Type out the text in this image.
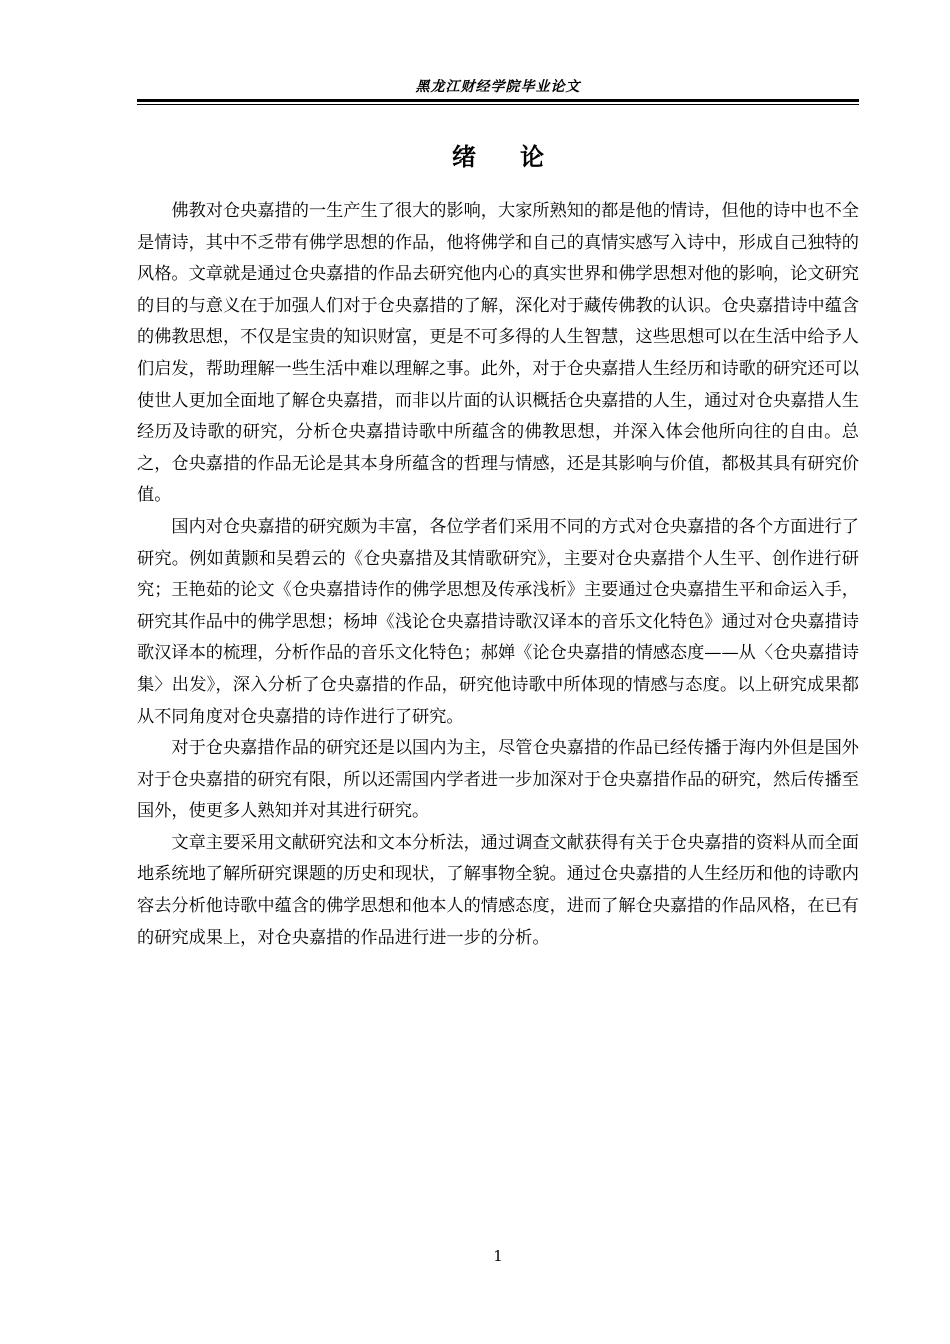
黑龙江财经学院毕业论文
绪论

佛教对仓央嘉措的一生产生了很大的影响，大家所熟知的都是他的情诗，但他的诗中也不全是情诗，其中不乏带有佛学思想的作品，他将佛学和自己的真情实感写入诗中，形成自己独特的风格。文章就是通过仓央嘉措的作品去研究他内心的真实世界和佛学思想对他的影响，论文研究的目的与意义在于加强人们对于仓央嘉措的了解，深化对于藏传佛教的认识。仓央嘉措诗中蕴含的佛教思想，不仅是宝贵的知识财富，更是不可多得的人生智慧，这些思想可以在生活中给予人们启发，帮助理解一些生活中难以理解之事。此外，对于仓央嘉措人生经历和诗歌的研究还可以使世人更加全面地了解仓央嘉措，而非以片面的认识概括仓央嘉措的人生，通过对仓央嘉措人生经历及诗歌的研究，分析仓央嘉措诗歌中所蕴含的佛教思想，并深入体会他所向往的自由。总之，仓央嘉措的作品无论是其本身所蕴含的哲理与情感，还是其影响与价值，都极其具有研究价值。

国内对仓央嘉措的研究颇为丰富，各位学者们采用不同的方式对仓央嘉措的各个方面进行了研究。例如黄颢和吴碧云的《仓央嘉措及其情歌研究》，主要对仓央嘉措个人生平、创作进行研究；王艳茹的论文《仓央嘉措诗作的佛学思想及传承浅析》主要通过仓央嘉措生平和命运入手，研究其作品中的佛学思想；杨坤《浅论仓央嘉措诗歌汉译本的音乐文化特色》通过对仓央嘉措诗歌汉译本的梳理，分析作品的音乐文化特色；郝婵《论仓央嘉措的情感态度——从〈仓央嘉措诗集〉出发》，深入分析了仓央嘉措的作品，研究他诗歌中所体现的情感与态度。以上研究成果都从不同角度对仓央嘉措的诗作进行了研究。

对于仓央嘉措作品的研究还是以国内为主，尽管仓央嘉措的作品已经传播于海内外但是国外对于仓央嘉措的研究有限，所以还需国内学者进一步加深对于仓央嘉措作品的研究，然后传播至国外，使更多人熟知并对其进行研究。

文章主要采用文献研究法和文本分析法，通过调查文献获得有关于仓央嘉措的资料从而全面地系统地了解所研究课题的历史和现状，了解事物全貌。通过仓央嘉措的人生经历和他的诗歌内容去分析他诗歌中蕴含的佛学思想和他本人的情感态度，进而了解仓央嘉措的作品风格，在已有的研究成果上，对仓央嘉措的作品进行进一步的分析。

1
